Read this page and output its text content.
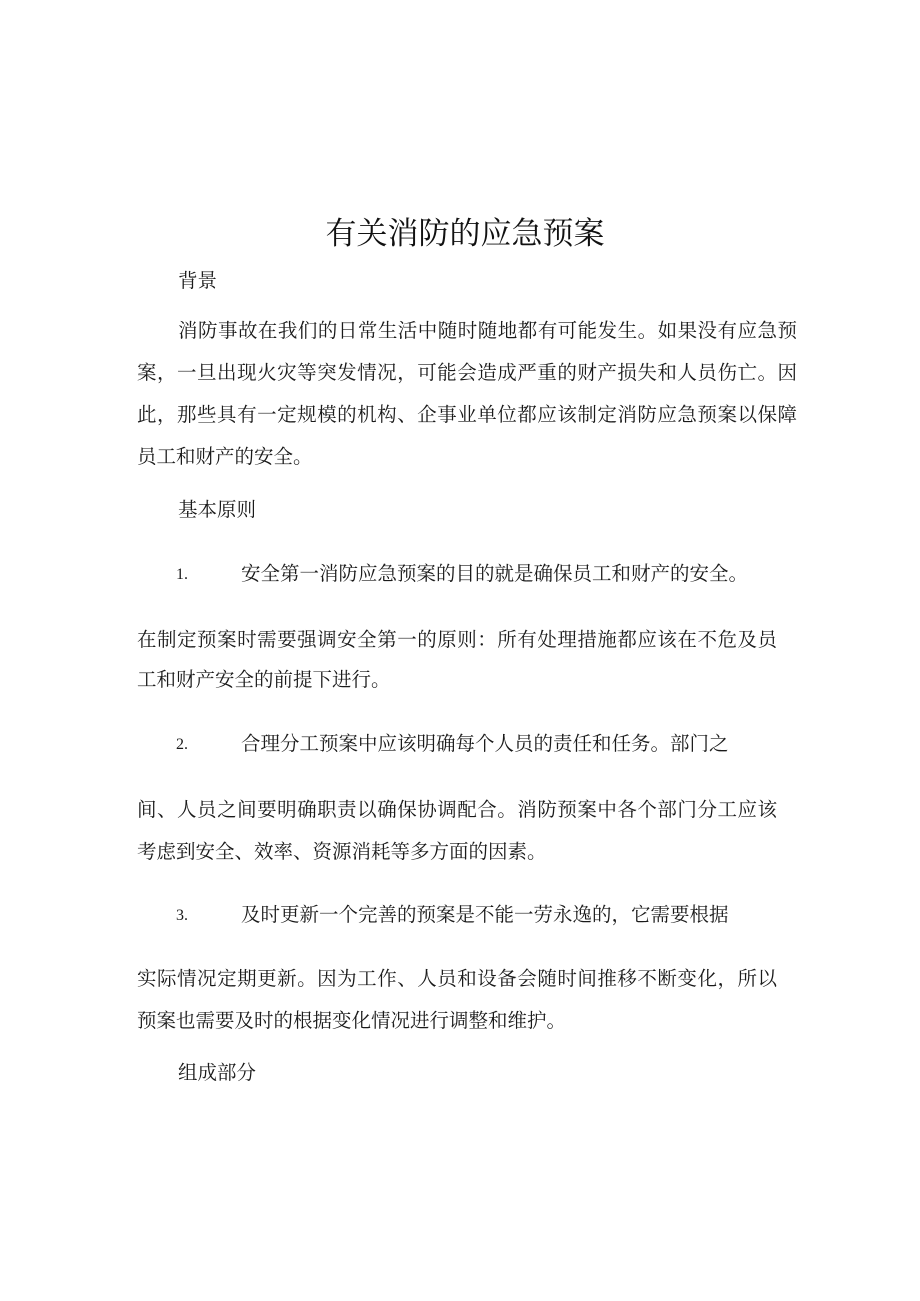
有关消防的应急预案

背景

消防事故在我们的日常生活中随时随地都有可能发生。如果没有应急预

案，一旦出现火灾等突发情况，可能会造成严重的财产损失和人员伤亡。因

此，那些具有一定规模的机构、企事业单位都应该制定消防应急预案以保障

员工和财产的安全。

基本原则

1.	安全第一消防应急预案的目的就是确保员工和财产的安全。

在制定预案时需要强调安全第一的原则：所有处理措施都应该在不危及员

工和财产安全的前提下进行。

2.	合理分工预案中应该明确每个人员的责任和任务。部门之

间、人员之间要明确职责以确保协调配合。消防预案中各个部门分工应该

考虑到安全、效率、资源消耗等多方面的因素。

3.	及时更新一个完善的预案是不能一劳永逸的，它需要根据

实际情况定期更新。因为工作、人员和设备会随时间推移不断变化，所以

预案也需要及时的根据变化情况进行调整和维护。

组成部分
